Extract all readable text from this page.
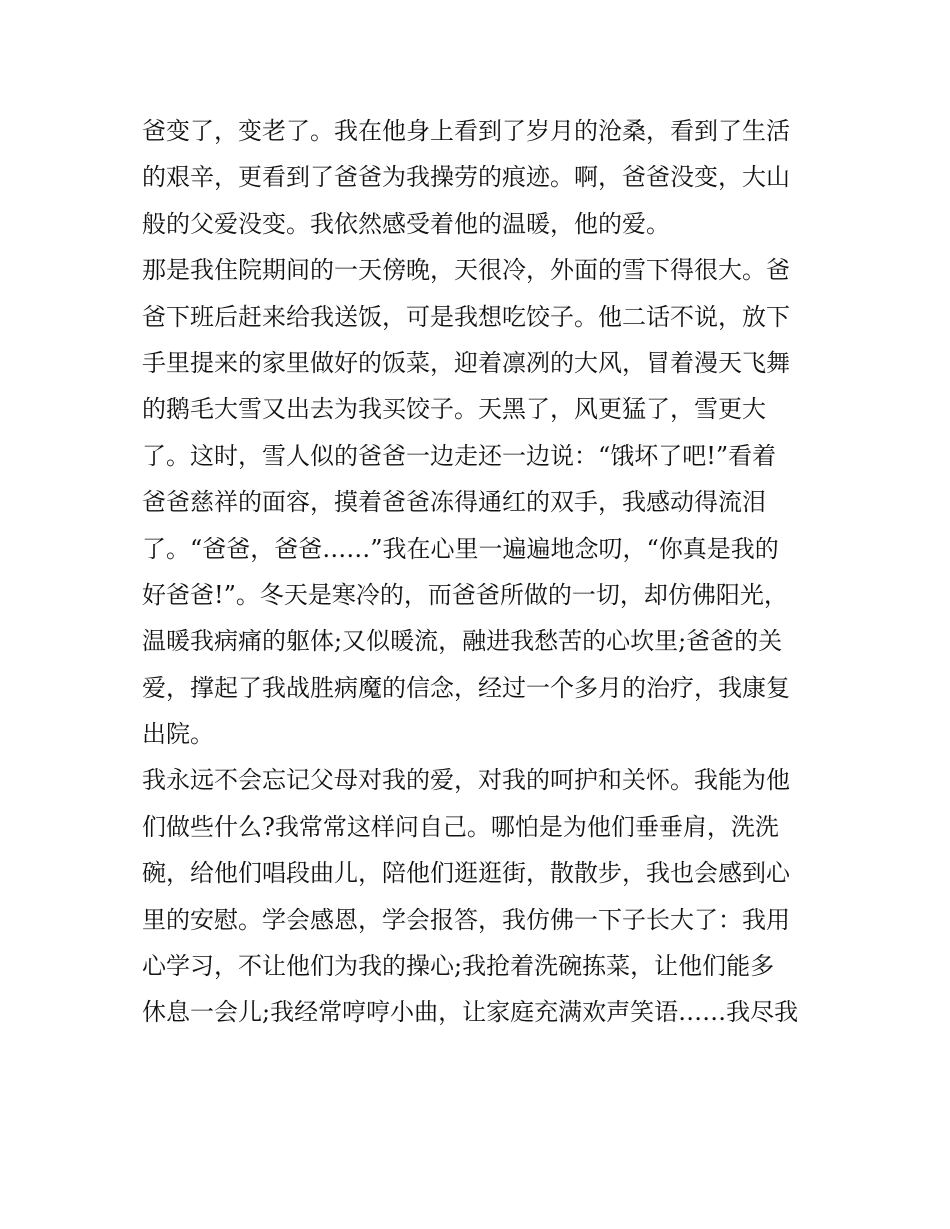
爸变了，变老了。我在他身上看到了岁月的沧桑，看到了生活
的艰辛，更看到了爸爸为我操劳的痕迹。啊，爸爸没变，大山
般的父爱没变。我依然感受着他的温暖，他的爱。
那是我住院期间的一天傍晚，天很冷，外面的雪下得很大。爸
爸下班后赶来给我送饭，可是我想吃饺子。他二话不说，放下
手里提来的家里做好的饭菜，迎着凛冽的大风，冒着漫天飞舞
的鹅毛大雪又出去为我买饺子。天黑了，风更猛了，雪更大
了。这时，雪人似的爸爸一边走还一边说：“饿坏了吧!”看着
爸爸慈祥的面容，摸着爸爸冻得通红的双手，我感动得流泪
了。“爸爸，爸爸……”我在心里一遍遍地念叨，“你真是我的
好爸爸!”。冬天是寒冷的，而爸爸所做的一切，却仿佛阳光，
温暖我病痛的躯体;又似暖流，融进我愁苦的心坎里;爸爸的关
爱，撑起了我战胜病魔的信念，经过一个多月的治疗，我康复
出院。
我永远不会忘记父母对我的爱，对我的呵护和关怀。我能为他
们做些什么?我常常这样问自己。哪怕是为他们垂垂肩，洗洗
碗，给他们唱段曲儿，陪他们逛逛街，散散步，我也会感到心
里的安慰。学会感恩，学会报答，我仿佛一下子长大了：我用
心学习，不让他们为我的操心;我抢着洗碗拣菜，让他们能多
休息一会儿;我经常哼哼小曲，让家庭充满欢声笑语……我尽我
